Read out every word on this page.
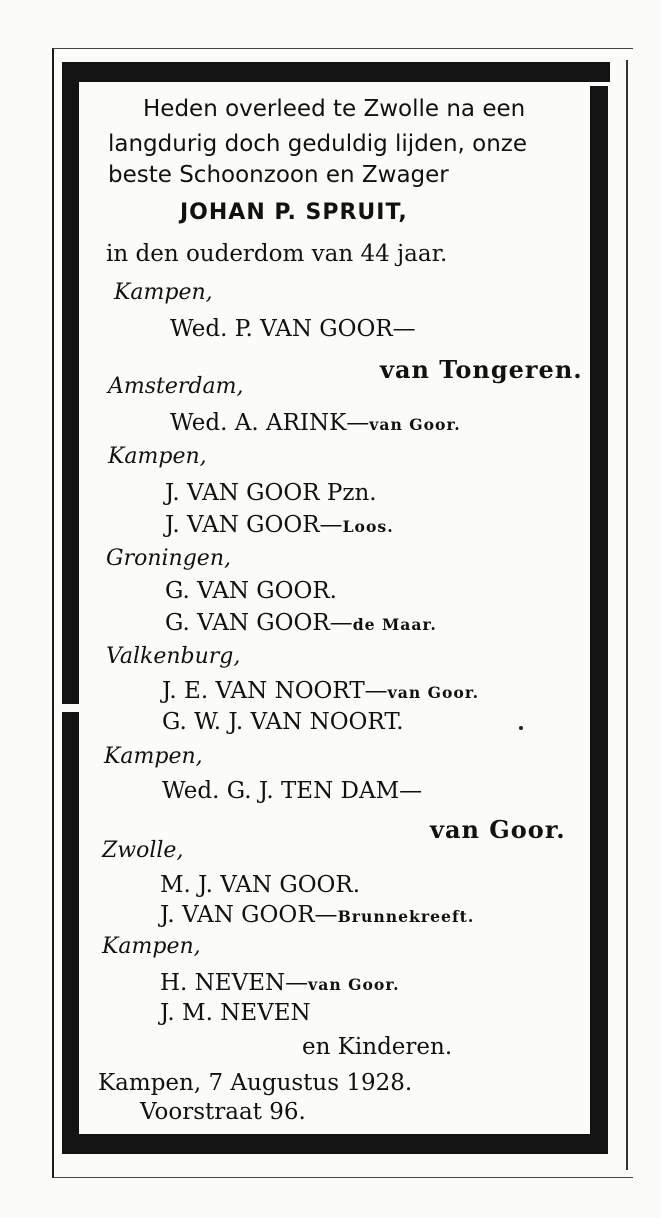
Heden overleed te Zwolle na een
langdurig doch geduldig lijden, onze
beste Schoonzoon en Zwager
JOHAN P. SPRUIT,
in den ouderdom van 44 jaar.
Kampen,
Wed. P. VAN GOOR—
van Tongeren.
Amsterdam,
Wed. A. ARINK—van Goor.
Kampen,
J. VAN GOOR Pzn.
J. VAN GOOR—Loos.
Groningen,
G. VAN GOOR.
G. VAN GOOR—de Maar.
Valkenburg,
J. E. VAN NOORT—van Goor.
G. W. J. VAN NOORT.
Kampen,
Wed. G. J. TEN DAM—
van Goor.
Zwolle,
M. J. VAN GOOR.
J. VAN GOOR—Brunnekreeft.
Kampen,
H. NEVEN—van Goor.
J. M. NEVEN
en Kinderen.
Kampen, 7 Augustus 1928.
Voorstraat 96.
